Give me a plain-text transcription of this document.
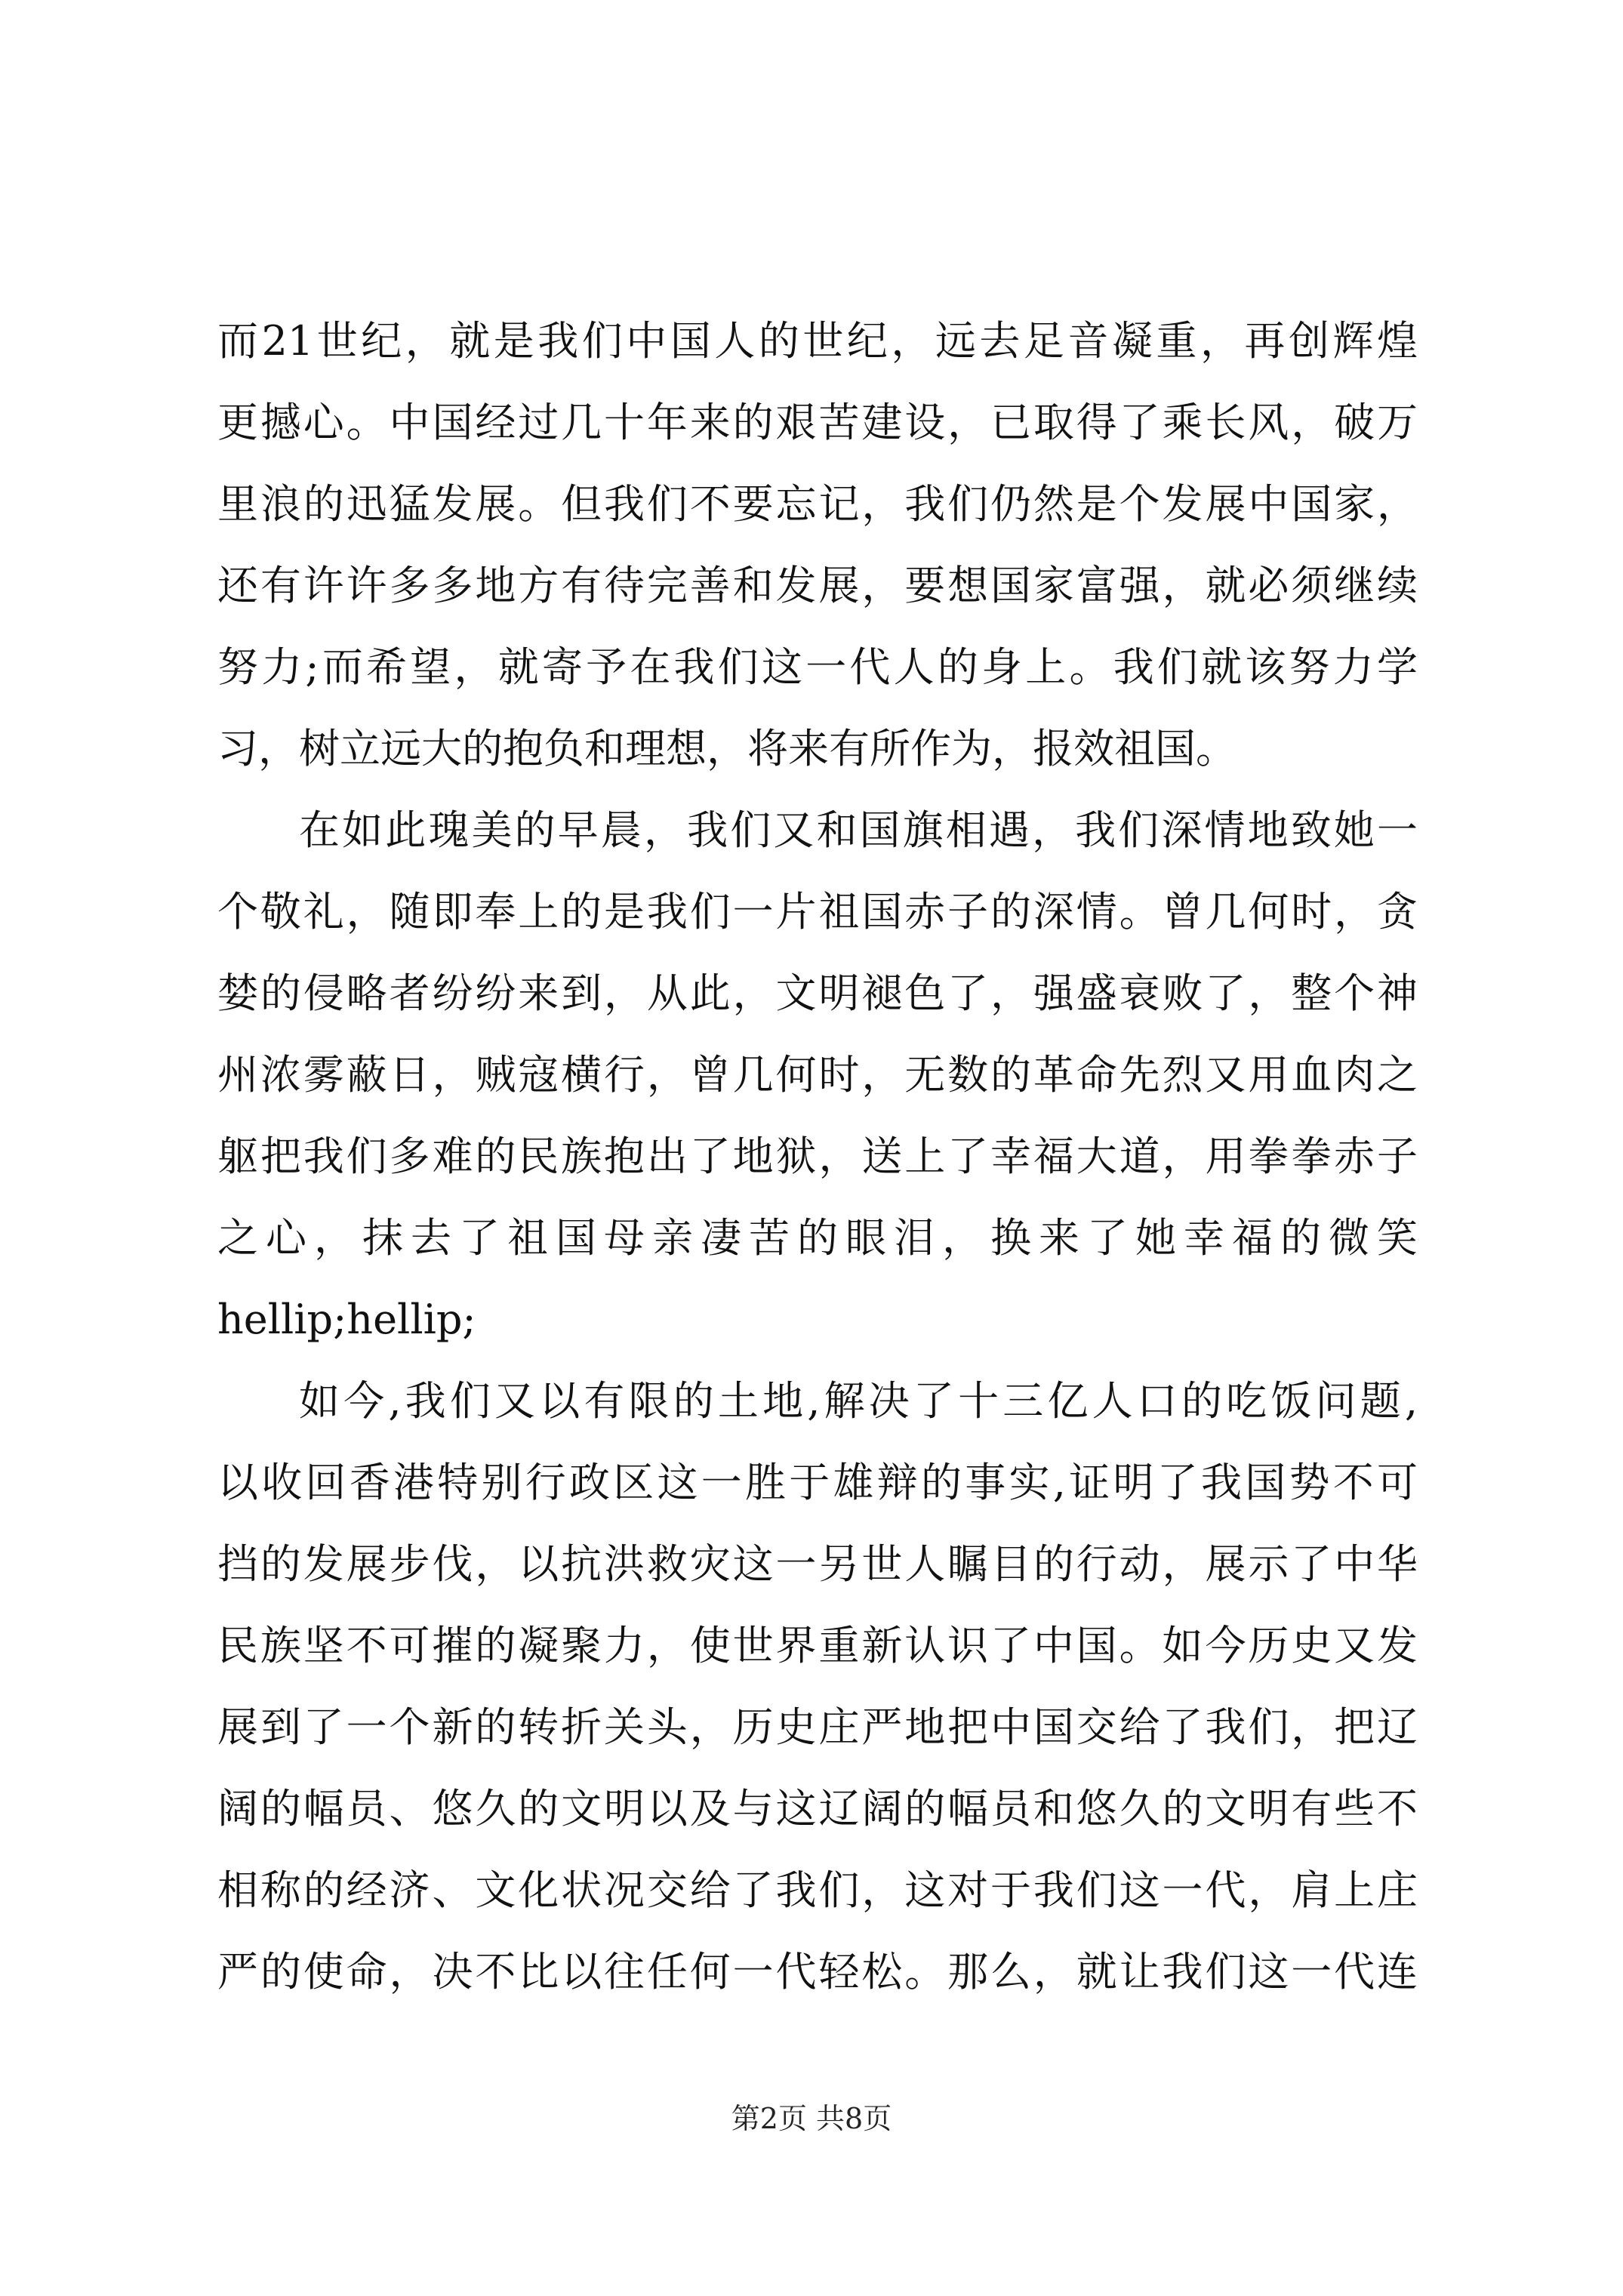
而21世纪，就是我们中国人的世纪，远去足音凝重，再创辉煌
更撼心。中国经过几十年来的艰苦建设，已取得了乘长风，破万
里浪的迅猛发展。但我们不要忘记，我们仍然是个发展中国家，
还有许许多多地方有待完善和发展，要想国家富强，就必须继续
努力;而希望，就寄予在我们这一代人的身上。我们就该努力学
习，树立远大的抱负和理想，将来有所作为，报效祖国。
在如此瑰美的早晨，我们又和国旗相遇，我们深情地致她一
个敬礼，随即奉上的是我们一片祖国赤子的深情。曾几何时，贪
婪的侵略者纷纷来到，从此，文明褪色了，强盛衰败了，整个神
州浓雾蔽日，贼寇横行，曾几何时，无数的革命先烈又用血肉之
躯把我们多难的民族抱出了地狱，送上了幸福大道，用拳拳赤子
之心，抹去了祖国母亲凄苦的眼泪，换来了她幸福的微笑
hellip;hellip;
如今,我们又以有限的土地,解决了十三亿人口的吃饭问题,
以收回香港特别行政区这一胜于雄辩的事实,证明了我国势不可
挡的发展步伐，以抗洪救灾这一另世人瞩目的行动，展示了中华
民族坚不可摧的凝聚力，使世界重新认识了中国。如今历史又发
展到了一个新的转折关头，历史庄严地把中国交给了我们，把辽
阔的幅员、悠久的文明以及与这辽阔的幅员和悠久的文明有些不
相称的经济、文化状况交给了我们，这对于我们这一代，肩上庄
严的使命，决不比以往任何一代轻松。那么，就让我们这一代连
第2页 共8页
